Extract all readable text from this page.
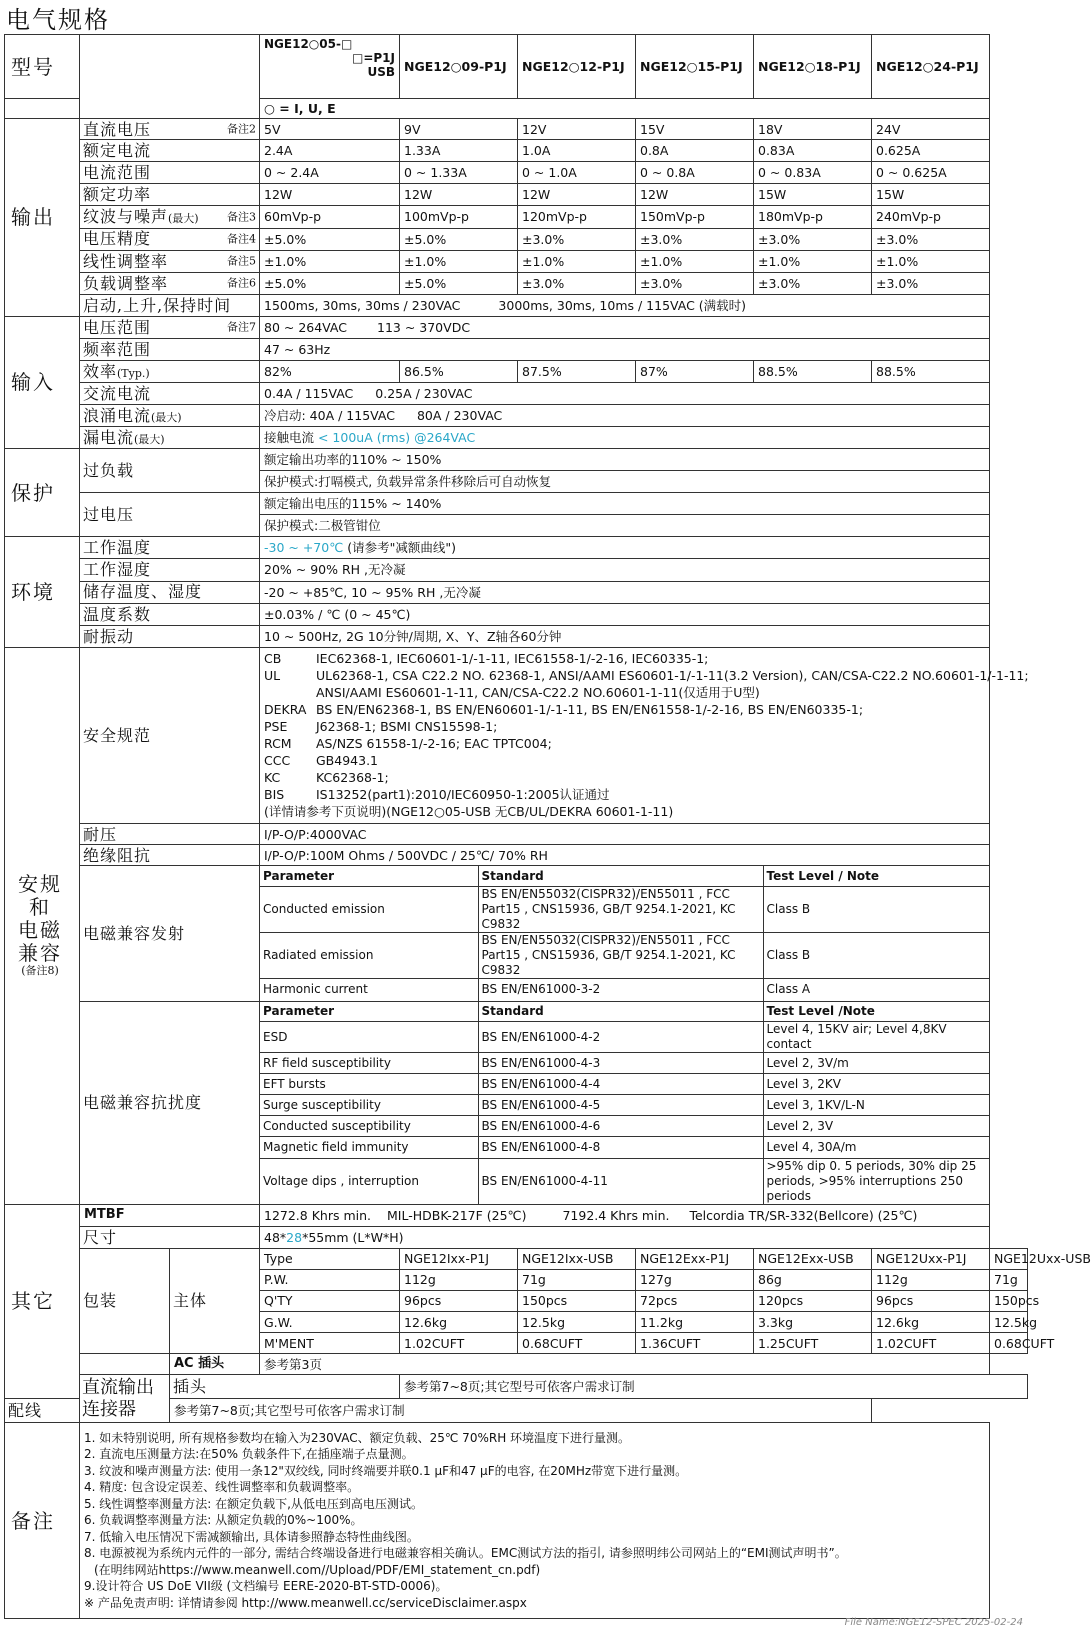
电气规格
型号		
NGE12○05-□
□=P1J
USB	NGE12○09-P1J	NGE12○12-P1J	NGE12○15-P1J	NGE12○18-P1J	NGE12○24-P1J
		○ = I, U, E
输出	直流电压	备注2	5V	9V	12V	15V	18V	24V
额定电流	2.4A	1.33A	1.0A	0.8A	0.83A	0.625A
电流范围	0 ~ 2.4A	0 ~ 1.33A	0 ~ 1.0A	0 ~ 0.8A	0 ~ 0.83A	0 ~ 0.625A
额定功率	12W	12W	12W	12W	15W	15W
纹波与噪声(最大)	备注3	60mVp-p	100mVp-p	120mVp-p	150mVp-p	180mVp-p	240mVp-p
电压精度	备注4	±5.0%	±5.0%	±3.0%	±3.0%	±3.0%	±3.0%
线性调整率	备注5	±1.0%	±1.0%	±1.0%	±1.0%	±1.0%	±1.0%
负载调整率	备注6	±5.0%	±5.0%	±3.0%	±3.0%	±3.0%	±3.0%
启动,上升,保持时间	1500ms, 30ms, 30ms / 230VAC	3000ms, 30ms, 10ms / 115VAC (满载时)
输入	电压范围	备注7	80 ~ 264VAC 113 ~ 370VDC
频率范围	47 ~ 63Hz
效率(Typ.)	82%	86.5%	87.5%	87%	88.5%	88.5%
交流电流	0.4A / 115VAC 0.25A / 230VAC
浪涌电流(最大)	冷启动: 40A / 115VAC 80A / 230VAC
漏电流(最大)	接触电流 < 100uA (rms) @264VAC
保护	过负载	额定输出功率的110% ~ 150%
保护模式:打嗝模式, 负载异常条件移除后可自动恢复
过电压	额定输出电压的115% ~ 140%
保护模式:二极管钳位
环境	工作温度	-30 ~ +70℃ (请参考"减额曲线")
工作湿度	20% ~ 90% RH ,无冷凝
储存温度、湿度	-20 ~ +85℃, 10 ~ 95% RH ,无冷凝
温度系数	±0.03% / ℃ (0 ~ 45℃)
耐振动	10 ~ 500Hz, 2G 10分钟/周期, X、Y、Z轴各60分钟

安规
和
电磁
兼容
(备注8)
	安全规范	
CB	IEC62368-1, IEC60601-1/-1-11, IEC61558-1/-2-16, IEC60335-1;
UL	UL62368-1, CSA C22.2 NO. 62368-1, ANSI/AAMI ES60601-1/-1-11(3.2 Version), CAN/CSA-C22.2 NO.60601-1/-1-11;
ANSI/AAMI ES60601-1-11, CAN/CSA-C22.2 NO.60601-1-11(仅适用于U型)
DEKRA BS EN/EN62368-1, BS EN/EN60601-1/-1-11, BS EN/EN61558-1/-2-16, BS EN/EN60335-1;
PSE J62368-1; BSMI CNS15598-1;
RCM AS/NZS 61558-1/-2-16; EAC TPTC004;
CCC GB4943.1
KC	KC62368-1;
BIS	IS13252(part1):2010/IEC60950-1:2005认证通过
(详情请参考下页说明)(NGE12○05-USB 无CB/UL/DEKRA 60601-1-11)

耐压	I/P-O/P:4000VAC
绝缘阻抗	I/P-O/P:100M Ohms / 500VDC / 25℃/ 70% RH
电磁兼容发射	
Parameter	Standard	Test Level / Note
Conducted emission	BS EN/EN55032(CISPR32)/EN55011 , FCC Part15 , CNS15936, GB/T 9254.1-2021, KC C9832	Class B
Radiated emission	BS EN/EN55032(CISPR32)/EN55011 , FCC Part15 , CNS15936, GB/T 9254.1-2021, KC C9832	Class B
Harmonic current	BS EN/EN61000-3-2	Class A

电磁兼容抗扰度	
Parameter	Standard	Test Level /Note
ESD	BS EN/EN61000-4-2	Level 4, 15KV air; Level 4,8KV contact
RF field susceptibility	BS EN/EN61000-4-3	Level 2, 3V/m
EFT bursts	BS EN/EN61000-4-4	Level 3, 2KV
Surge susceptibility	BS EN/EN61000-4-5	Level 3, 1KV/L-N
Conducted susceptibility	BS EN/EN61000-4-6	Level 2, 3V
Magnetic field immunity	BS EN/EN61000-4-8	Level 4, 30A/m
Voltage dips , interruption	BS EN/EN61000-4-11	>95% dip 0. 5 periods, 30% dip 25 periods, >95% interruptions 250 periods

其它	MTBF	1272.8 Khrs min. MIL-HDBK-217F (25℃)	7192.4 Khrs min. Telcordia TR/SR-332(Bellcore) (25℃)
尺寸	48*28*55mm (L*W*H)
包装	主体	Type	NGE12Ixx-P1J	NGE12Ixx-USB	NGE12Exx-P1J	NGE12Exx-USB	NGE12Uxx-P1J	NGE12Uxx-USB
P.W.	112g	71g	127g	86g	112g	71g
Q'TY	96pcs	150pcs	72pcs	120pcs	96pcs	150pcs
G.W.	12.6kg	12.5kg	11.2kg	3.3kg	12.6kg	12.5kg
M'MENT	1.02CUFT	0.68CUFT	1.36CUFT	1.25CUFT	1.02CUFT	0.68CUFT
	AC 插头	参考第3页

直流输出
连接器
	插头	参考第7~8页;其它型号可依客户需求订制
配线	参考第7~8页;其它型号可依客户需求订制
备注	
1. 如未特别说明, 所有规格参数均在输入为230VAC、额定负载、25℃ 70%RH 环境温度下进行量测。
2. 直流电压测量方法:在50% 负载条件下,在插座端子点量测。
3. 纹波和噪声测量方法: 使用一条12"双绞线, 同时终端要并联0.1 μF和47 μF的电容, 在20MHz带宽下进行量测。
4. 精度: 包含设定误差、线性调整率和负载调整率。
5. 线性调整率测量方法: 在额定负载下,从低电压到高电压测试。
6. 负载调整率测量方法: 从额定负载的0%~100%。
7. 低输入电压情况下需减额输出, 具体请参照静态特性曲线图。
8. 电源被视为系统内元件的一部分, 需结合终端设备进行电磁兼容相关确认。EMC测试方法的指引, 请参照明纬公司网站上的“EMI测试声明书”。
(在明纬网站https://www.meanwell.com//Upload/PDF/EMI_statement_cn.pdf)
9.设计符合 US DoE VII级 (文档编号 EERE-2020-BT-STD-0006)。
※ 产品免责声明: 详情请参阅 http://www.meanwell.cc/serviceDisclaimer.aspx
File Name:NGE12-SPEC 2025-02-24
